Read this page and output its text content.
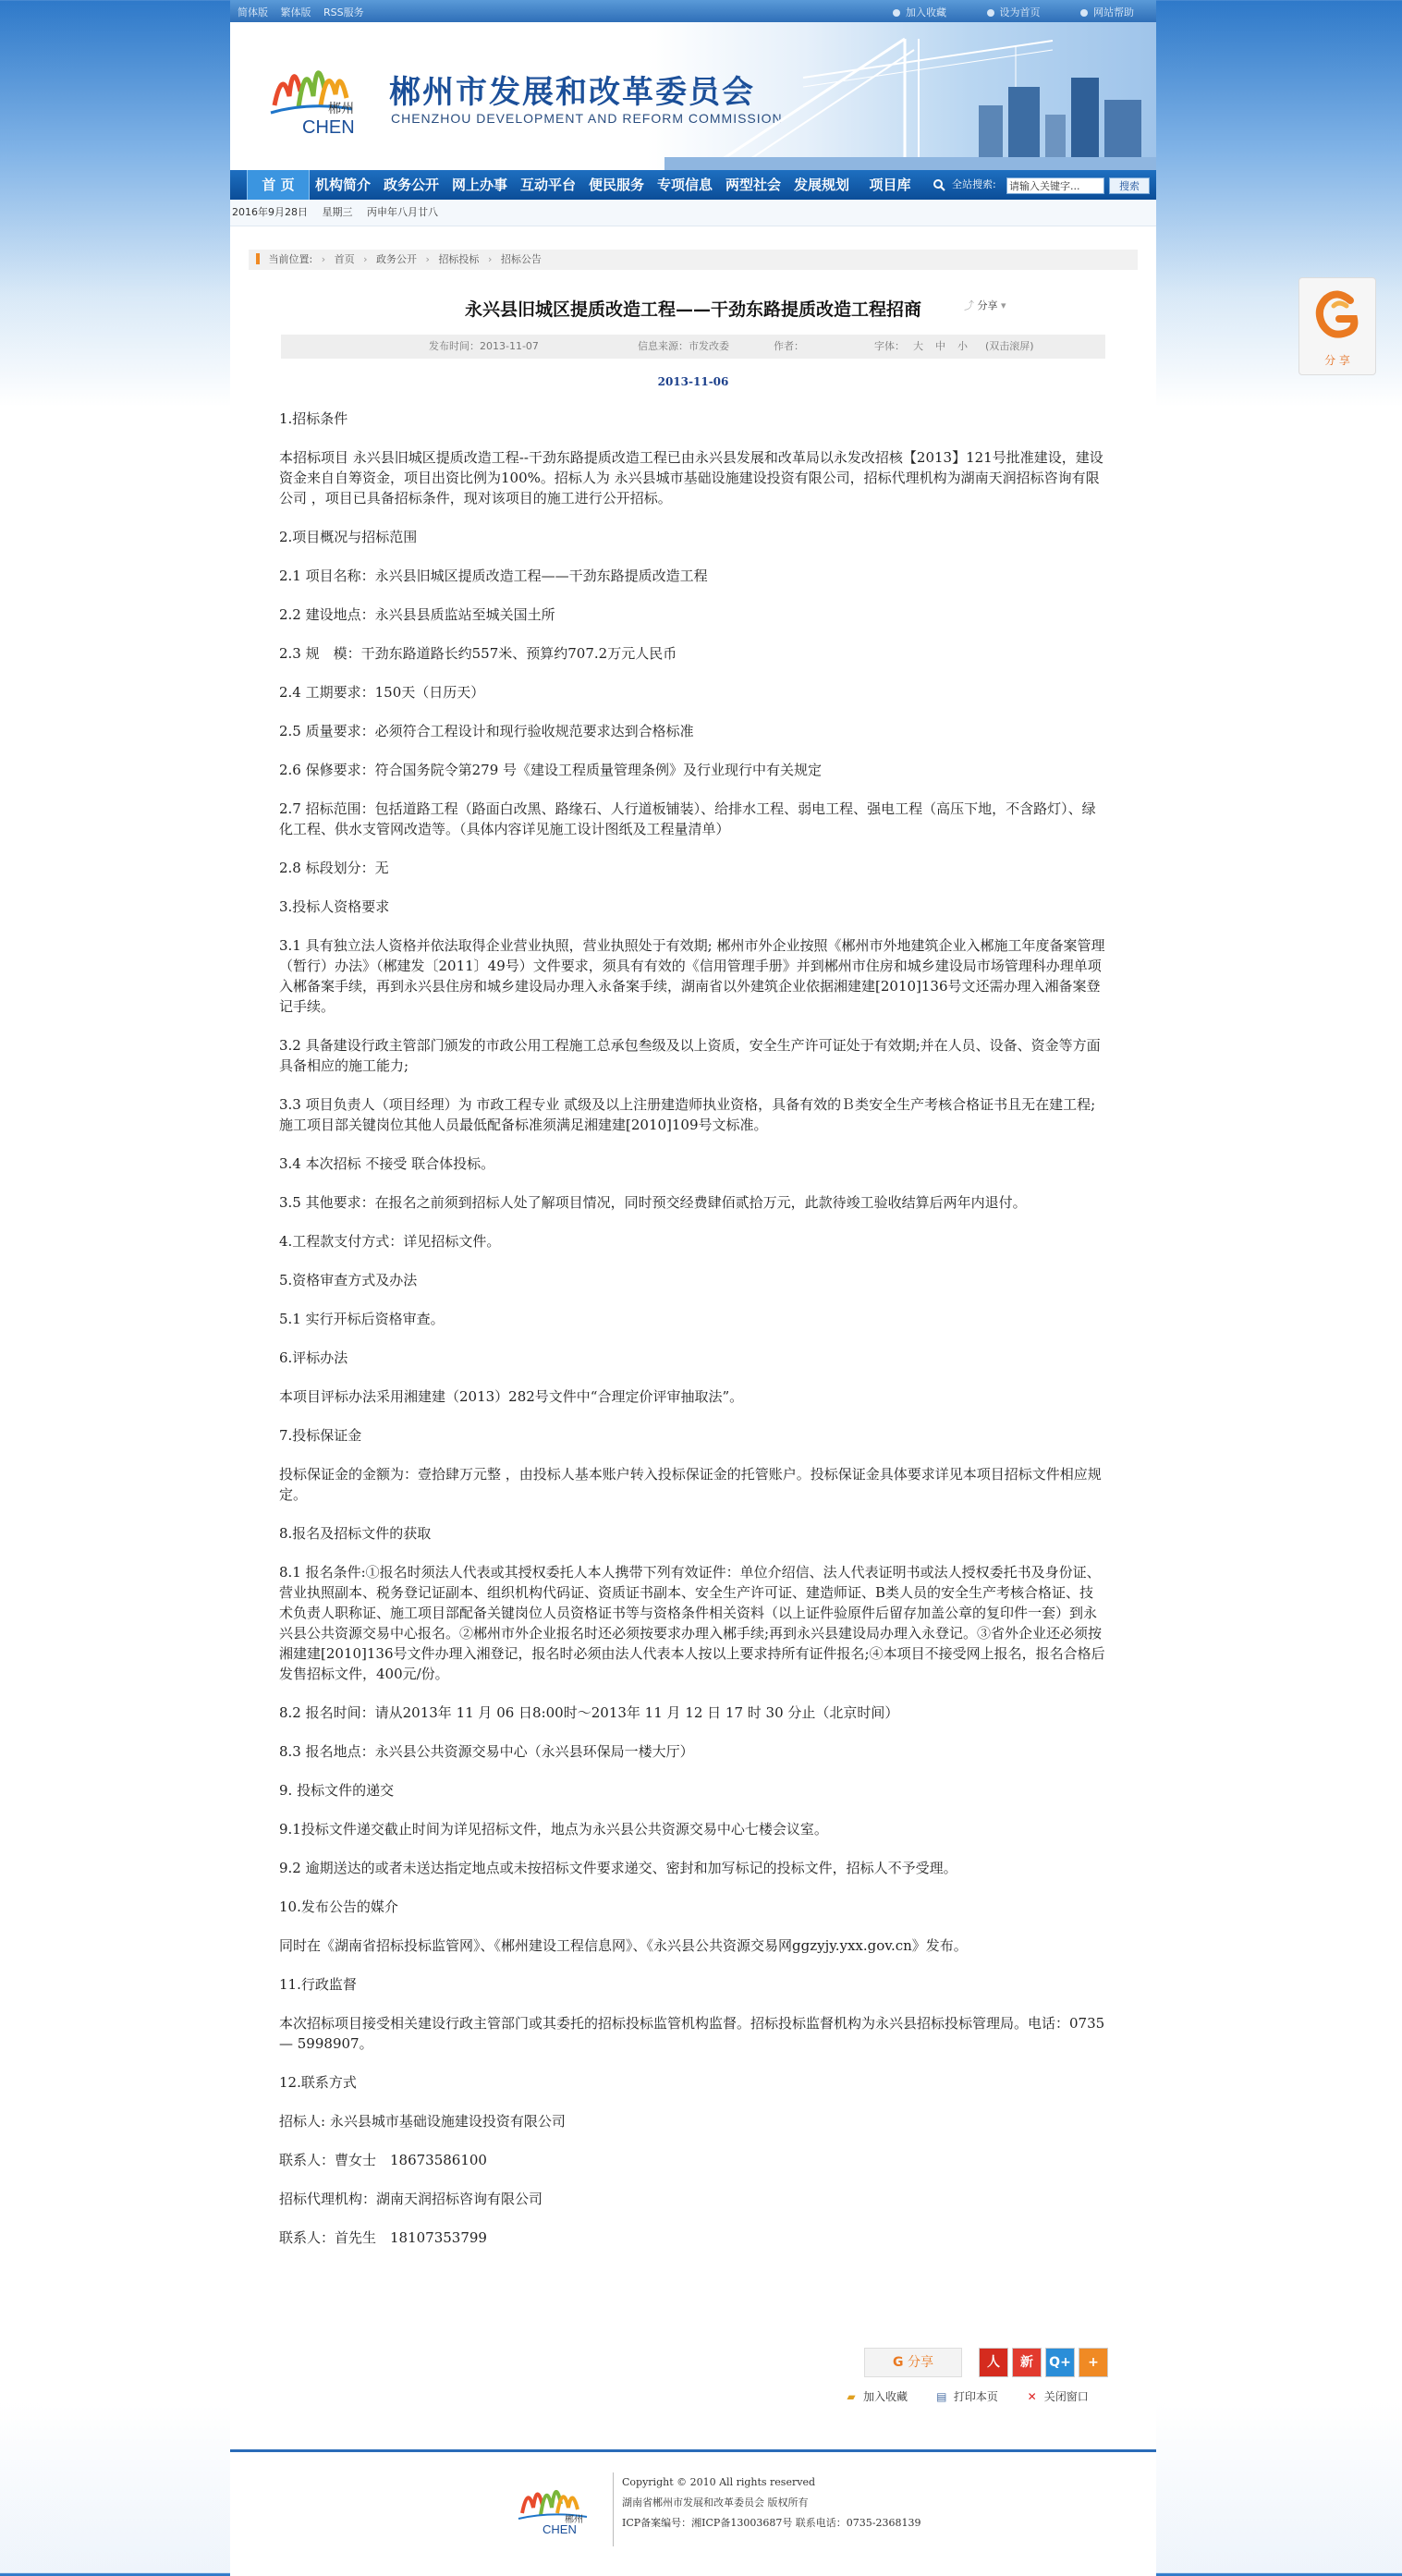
简体版 繁体版 RSS服务	加入收藏	设为首页	网站帮助
郴州
CHEN
郴州市发展和改革委员会
CHENZHOU DEVELOPMENT AND REFORM COMMISSION
首 页	机构简介 政务公开 网上办事 互动平台 便民服务 专项信息 两型社会 发展规划	项目库	全站搜索:
请输入关键字...	搜索
2016年9月28日 星期三 丙申年八月廿八
当前位置: › 首页 › 政务公开 › 招标投标 › 招标公告
永兴县旧城区提质改造工程——干劲东路提质改造工程招商	⤴ 分享 ▾
发布时间：2013-11-07	信息来源：市发改委	作者：	字体： 大 中 小 (双击滚屏)
2013-11-06

1.招标条件

本招标项目 永兴县旧城区提质改造工程--干劲东路提质改造工程已由永兴县发展和改革局以永发改招核【2013】121号批准建设，建设资金来自自筹资金，项目出资比例为100%。招标人为 永兴县城市基础设施建设投资有限公司，招标代理机构为湖南天润招标咨询有限公司 ，项目已具备招标条件，现对该项目的施工进行公开招标。

2.项目概况与招标范围

2.1 项目名称：永兴县旧城区提质改造工程——干劲东路提质改造工程

2.2 建设地点：永兴县县质监站至城关国土所

2.3 规　模：干劲东路道路长约557米、预算约707.2万元人民币

2.4 工期要求：150天（日历天）

2.5 质量要求：必须符合工程设计和现行验收规范要求达到合格标准

2.6 保修要求：符合国务院令第279 号《建设工程质量管理条例》及行业现行中有关规定

2.7 招标范围：包括道路工程（路面白改黑、路缘石、人行道板铺装）、给排水工程、弱电工程、强电工程（高压下地，不含路灯）、绿化工程、供水支管网改造等。（具体内容详见施工设计图纸及工程量清单）

2.8 标段划分：无

3.投标人资格要求

3.1 具有独立法人资格并依法取得企业营业执照，营业执照处于有效期; 郴州市外企业按照《郴州市外地建筑企业入郴施工年度备案管理（暂行）办法》（郴建发〔2011〕49号）文件要求，须具有有效的《信用管理手册》并到郴州市住房和城乡建设局市场管理科办理单项入郴备案手续，再到永兴县住房和城乡建设局办理入永备案手续，湖南省以外建筑企业依据湘建建[2010]136号文还需办理入湘备案登记手续。

3.2 具备建设行政主管部门颁发的市政公用工程施工总承包叁级及以上资质，安全生产许可证处于有效期;并在人员、设备、资金等方面具备相应的施工能力;

3.3 项目负责人（项目经理）为 市政工程专业 贰级及以上注册建造师执业资格，具备有效的Ｂ类安全生产考核合格证书且无在建工程; 施工项目部关键岗位其他人员最低配备标准须满足湘建建[2010]109号文标准。

3.4 本次招标 不接受 联合体投标。

3.5 其他要求：在报名之前须到招标人处了解项目情况，同时预交经费肆佰贰拾万元，此款待竣工验收结算后两年内退付。

4.工程款支付方式：详见招标文件。

5.资格审查方式及办法

5.1 实行开标后资格审查。

6.评标办法

本项目评标办法采用湘建建（2013）282号文件中“合理定价评审抽取法”。

7.投标保证金

投标保证金的金额为：壹拾肆万元整 ，由投标人基本账户转入投标保证金的托管账户。投标保证金具体要求详见本项目招标文件相应规定。

8.报名及招标文件的获取

8.1 报名条件:①报名时须法人代表或其授权委托人本人携带下列有效证件：单位介绍信、法人代表证明书或法人授权委托书及身份证、营业执照副本、税务登记证副本、组织机构代码证、资质证书副本、安全生产许可证、建造师证、B类人员的安全生产考核合格证、技术负责人职称证、施工项目部配备关键岗位人员资格证书等与资格条件相关资料（以上证件验原件后留存加盖公章的复印件一套）到永兴县公共资源交易中心报名。②郴州市外企业报名时还必须按要求办理入郴手续;再到永兴县建设局办理入永登记。③省外企业还必须按湘建建[2010]136号文件办理入湘登记，报名时必须由法人代表本人按以上要求持所有证件报名;④本项目不接受网上报名，报名合格后发售招标文件，400元/份。

8.2 报名时间：请从2013年 11 月 06 日8:00时～2013年 11 月 12 日 17 时 30 分止（北京时间）

8.3 报名地点：永兴县公共资源交易中心（永兴县环保局一楼大厅）

9. 投标文件的递交

9.1投标文件递交截止时间为详见招标文件，地点为永兴县公共资源交易中心七楼会议室。

9.2 逾期送达的或者未送达指定地点或未按招标文件要求递交、密封和加写标记的投标文件，招标人不予受理。

10.发布公告的媒介

同时在《湖南省招标投标监管网》、《郴州建设工程信息网》、《永兴县公共资源交易网ggzyjy.yxx.gov.cn》发布。

11.行政监督

本次招标项目接受相关建设行政主管部门或其委托的招标投标监管机构监督。招标投标监督机构为永兴县招标投标管理局。电话：0735 — 5998907。

12.联系方式

招标人: 永兴县城市基础设施建设投资有限公司

联系人：曹女士　18673586100

招标代理机构：湖南天润招标咨询有限公司

联系人：首先生　18107353799

G 分享	人	新	Q+	+
▰ 加入收藏	▤ 打印本页	✕ 关闭窗口
郴州
CHEN
Copyright © 2010 All rights reserved
湖南省郴州市发展和改革委员会 版权所有
ICP备案编号：湘ICP备13003687号 联系电话：0735-2368139
分 享
